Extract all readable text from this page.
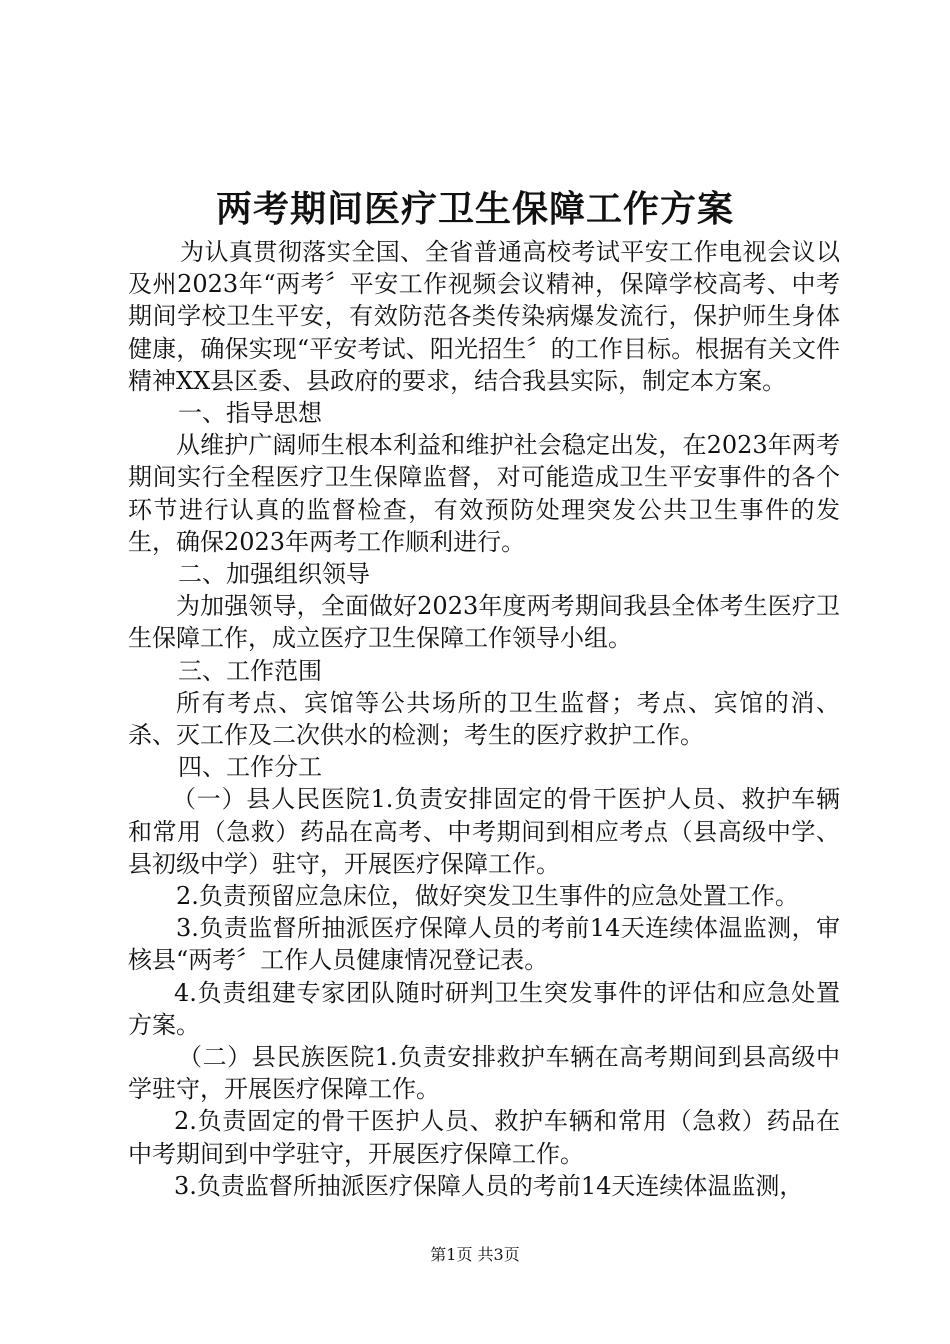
两考期间医疗卫生保障工作方案

为认真贯彻落实全国、全省普通高校考试平安工作电视会议以及州2023年“两考〞平安工作视频会议精神，保障学校高考、中考期间学校卫生平安，有效防范各类传染病爆发流行，保护师生身体健康，确保实现“平安考试、阳光招生〞的工作目标。根据有关文件精神XX县区委、县政府的要求，结合我县实际，制定本方案。

一、指导思想

从维护广阔师生根本利益和维护社会稳定出发，在2023年两考期间实行全程医疗卫生保障监督，对可能造成卫生平安事件的各个环节进行认真的监督检查，有效预防处理突发公共卫生事件的发生，确保2023年两考工作顺利进行。

二、加强组织领导

为加强领导，全面做好2023年度两考期间我县全体考生医疗卫生保障工作，成立医疗卫生保障工作领导小组。

三、工作范围

所有考点、宾馆等公共场所的卫生监督；考点、宾馆的消、杀、灭工作及二次供水的检测；考生的医疗救护工作。

四、工作分工

（一）县人民医院1.负责安排固定的骨干医护人员、救护车辆和常用（急救）药品在高考、中考期间到相应考点（县高级中学、县初级中学）驻守，开展医疗保障工作。

2.负责预留应急床位，做好突发卫生事件的应急处置工作。

3.负责监督所抽派医疗保障人员的考前14天连续体温监测，审核县“两考〞工作人员健康情况登记表。

4.负责组建专家团队随时研判卫生突发事件的评估和应急处置方案。

（二）县民族医院1.负责安排救护车辆在高考期间到县高级中学驻守，开展医疗保障工作。

2.负责固定的骨干医护人员、救护车辆和常用（急救）药品在中考期间到中学驻守，开展医疗保障工作。

3.负责监督所抽派医疗保障人员的考前14天连续体温监测，

第1页 共3页
